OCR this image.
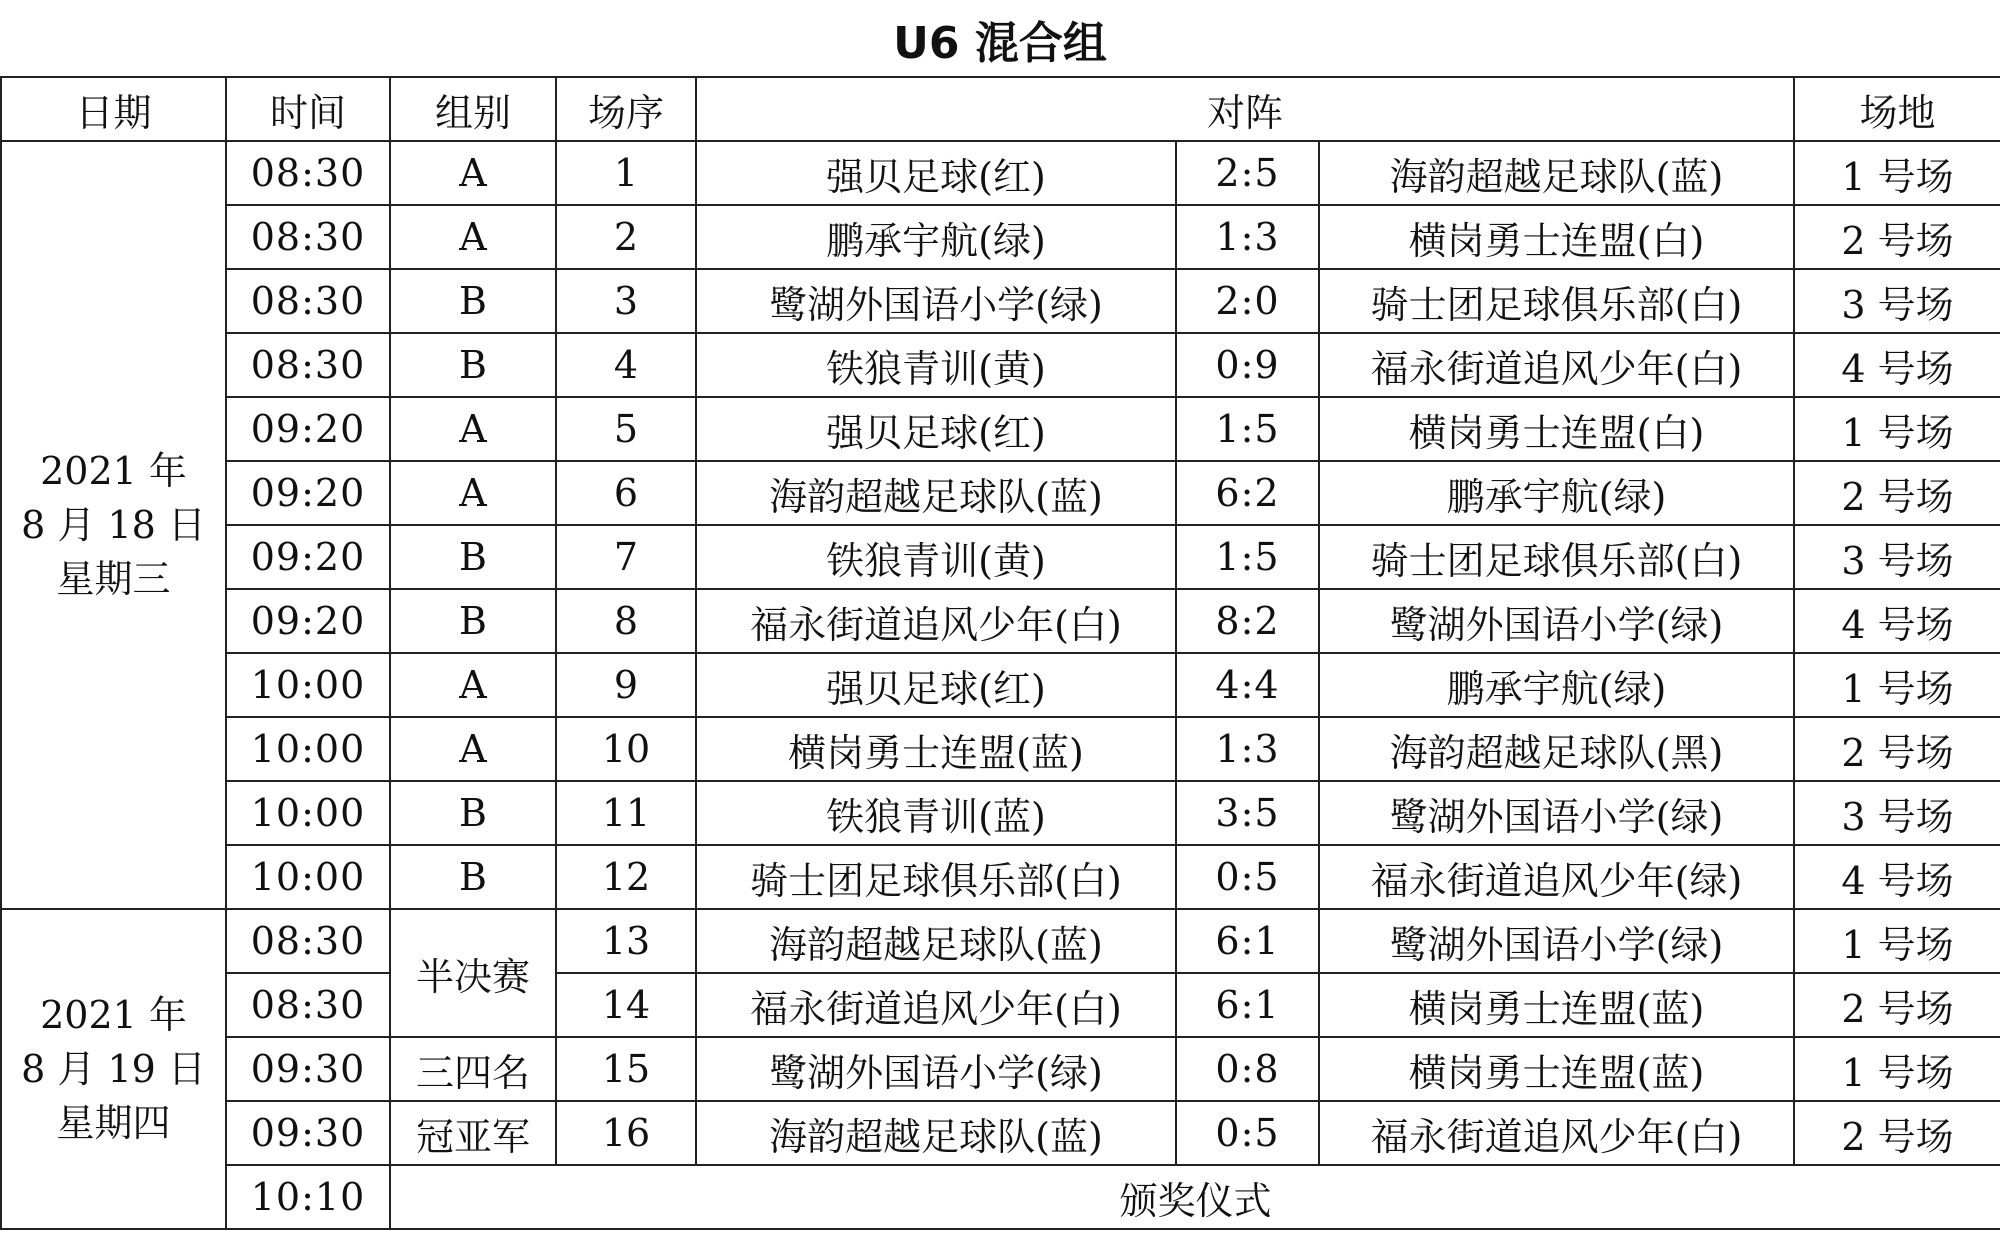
U6 混合组
日期	时间	组别	场序	对阵			场地

2021 年
8 月 18 日
星期三	08:30	A	1	强贝足球(红)	2:5	海韵超越足球队(蓝)	1 号场
	08:30	A	2	鹏承宇航(绿)	1:3	横岗勇士连盟(白)	2 号场
	08:30	B	3	鹭湖外国语小学(绿)	2:0	骑士团足球俱乐部(白)	3 号场
	08:30	B	4	铁狼青训(黄)	0:9	福永街道追风少年(白)	4 号场
	09:20	A	5	强贝足球(红)	1:5	横岗勇士连盟(白)	1 号场
	09:20	A	6	海韵超越足球队(蓝)	6:2	鹏承宇航(绿)	2 号场
	09:20	B	7	铁狼青训(黄)	1:5	骑士团足球俱乐部(白)	3 号场
	09:20	B	8	福永街道追风少年(白)	8:2	鹭湖外国语小学(绿)	4 号场
	10:00	A	9	强贝足球(红)	4:4	鹏承宇航(绿)	1 号场
	10:00	A	10	横岗勇士连盟(蓝)	1:3	海韵超越足球队(黑)	2 号场
	10:00	B	11	铁狼青训(蓝)	3:5	鹭湖外国语小学(绿)	3 号场
	10:00	B	12	骑士团足球俱乐部(白)	0:5	福永街道追风少年(绿)	4 号场

2021 年
8 月 19 日
星期四	08:30	半决赛	13	海韵超越足球队(蓝)	6:1	鹭湖外国语小学(绿)	1 号场
	08:30		14	福永街道追风少年(白)	6:1	横岗勇士连盟(蓝)	2 号场
	09:30	三四名	15	鹭湖外国语小学(绿)	0:8	横岗勇士连盟(蓝)	1 号场
	09:30	冠亚军	16	海韵超越足球队(蓝)	0:5	福永街道追风少年(白)	2 号场
	10:10	颁奖仪式					
